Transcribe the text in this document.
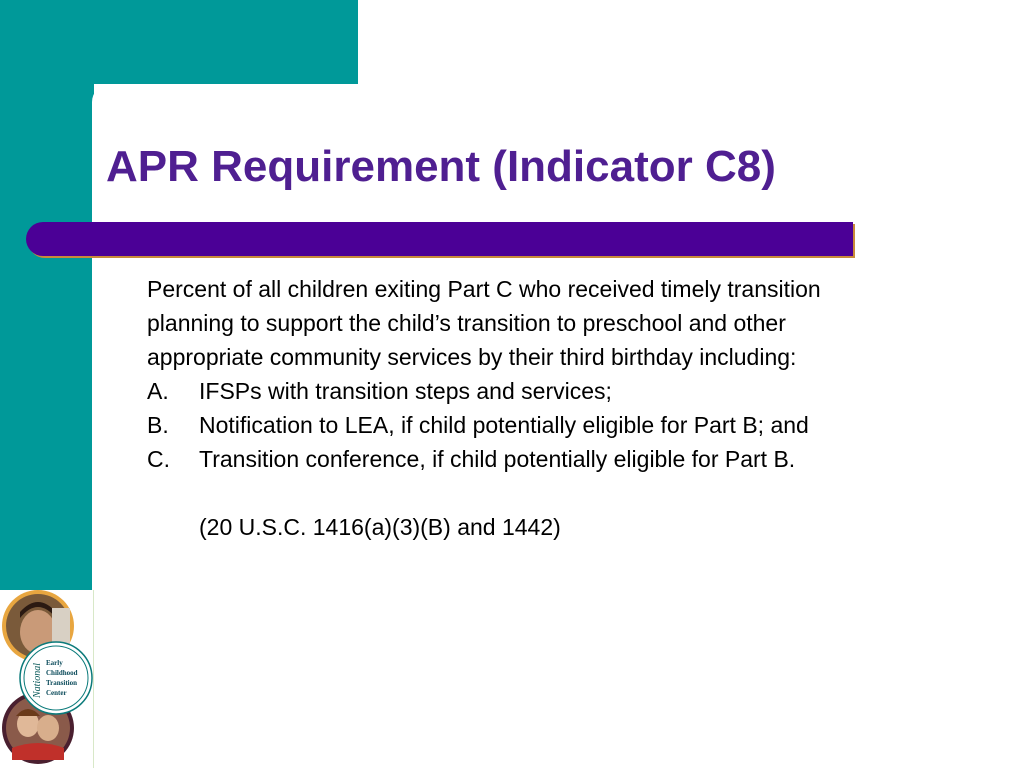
APR Requirement (Indicator C8)

Percent of all children exiting Part C who received timely transition planning to support the child’s transition to preschool and other appropriate community services by their third birthday including:

A.	IFSPs with transition steps and services;
B.	Notification to LEA, if child potentially eligible for Part B; and
C.	Transition conference, if child potentially eligible for Part B.

(20 U.S.C. 1416(a)(3)(B) and 1442)

National Early
Childhood
Transition
Center
